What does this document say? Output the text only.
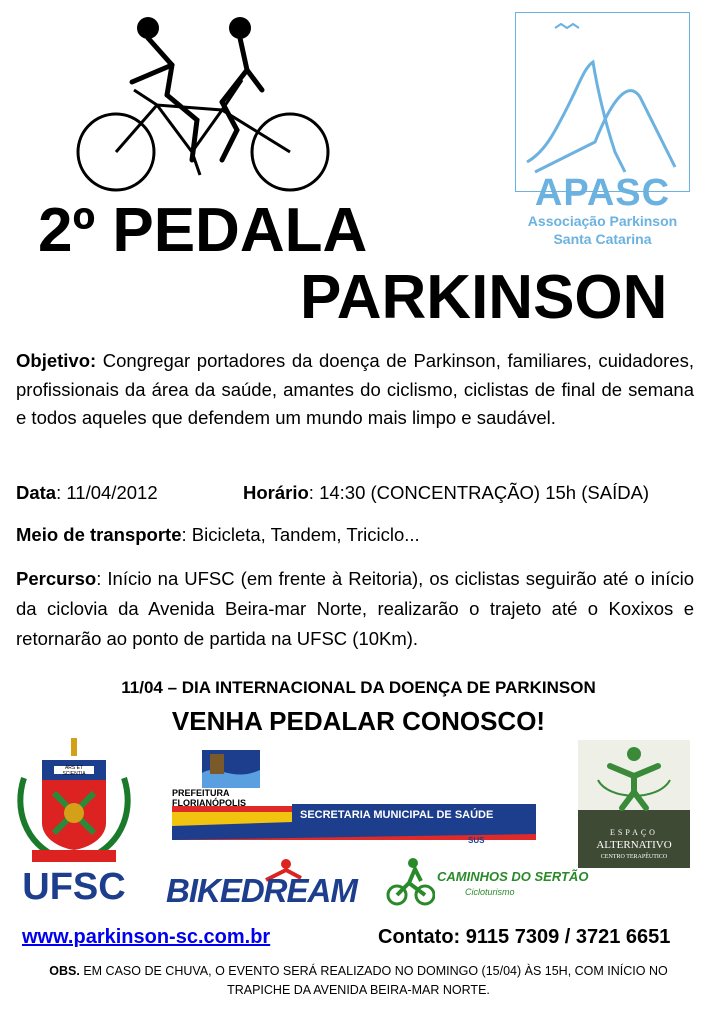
APASC
Associação Parkinson
Santa Catarina
2º PEDALA
PARKINSON
Objetivo: Congregar portadores da doença de Parkinson, familiares, cuidadores, profissionais da área da saúde, amantes do ciclismo, ciclistas de final de semana e todos aqueles que defendem um mundo mais limpo e saudável.
Data: 11/04/2012	Horário: 14:30 (CONCENTRAÇÃO) 15h (SAÍDA)
Meio de transporte: Bicicleta, Tandem, Triciclo...
Percurso: Início na UFSC (em frente à Reitoria), os ciclistas seguirão até o início da ciclovia da Avenida Beira-mar Norte, realizarão o trajeto até o Koxixos e retornarão ao ponto de partida na UFSC (10Km).
11/04 – DIA INTERNACIONAL DA DOENÇA DE PARKINSON
VENHA PEDALAR CONOSCO!
ARS ET SCIENTIA
UFSC
PREFEITURA
FLORIANÓPOLIS
SECRETARIA MUNICIPAL DE SAÚDE
SUS
BIKEDREAM	CAMINHOS DO SERTÃO
Cicloturismo
ESPAÇO
ALTERNATIVO
CENTRO TERAPÊUTICO
www.parkinson-sc.com.br	Contato: 9115 7309 / 3721 6651
OBS. EM CASO DE CHUVA, O EVENTO SERÁ REALIZADO NO DOMINGO (15/04) ÀS 15H, COM INÍCIO NO TRAPICHE DA AVENIDA BEIRA-MAR NORTE.
